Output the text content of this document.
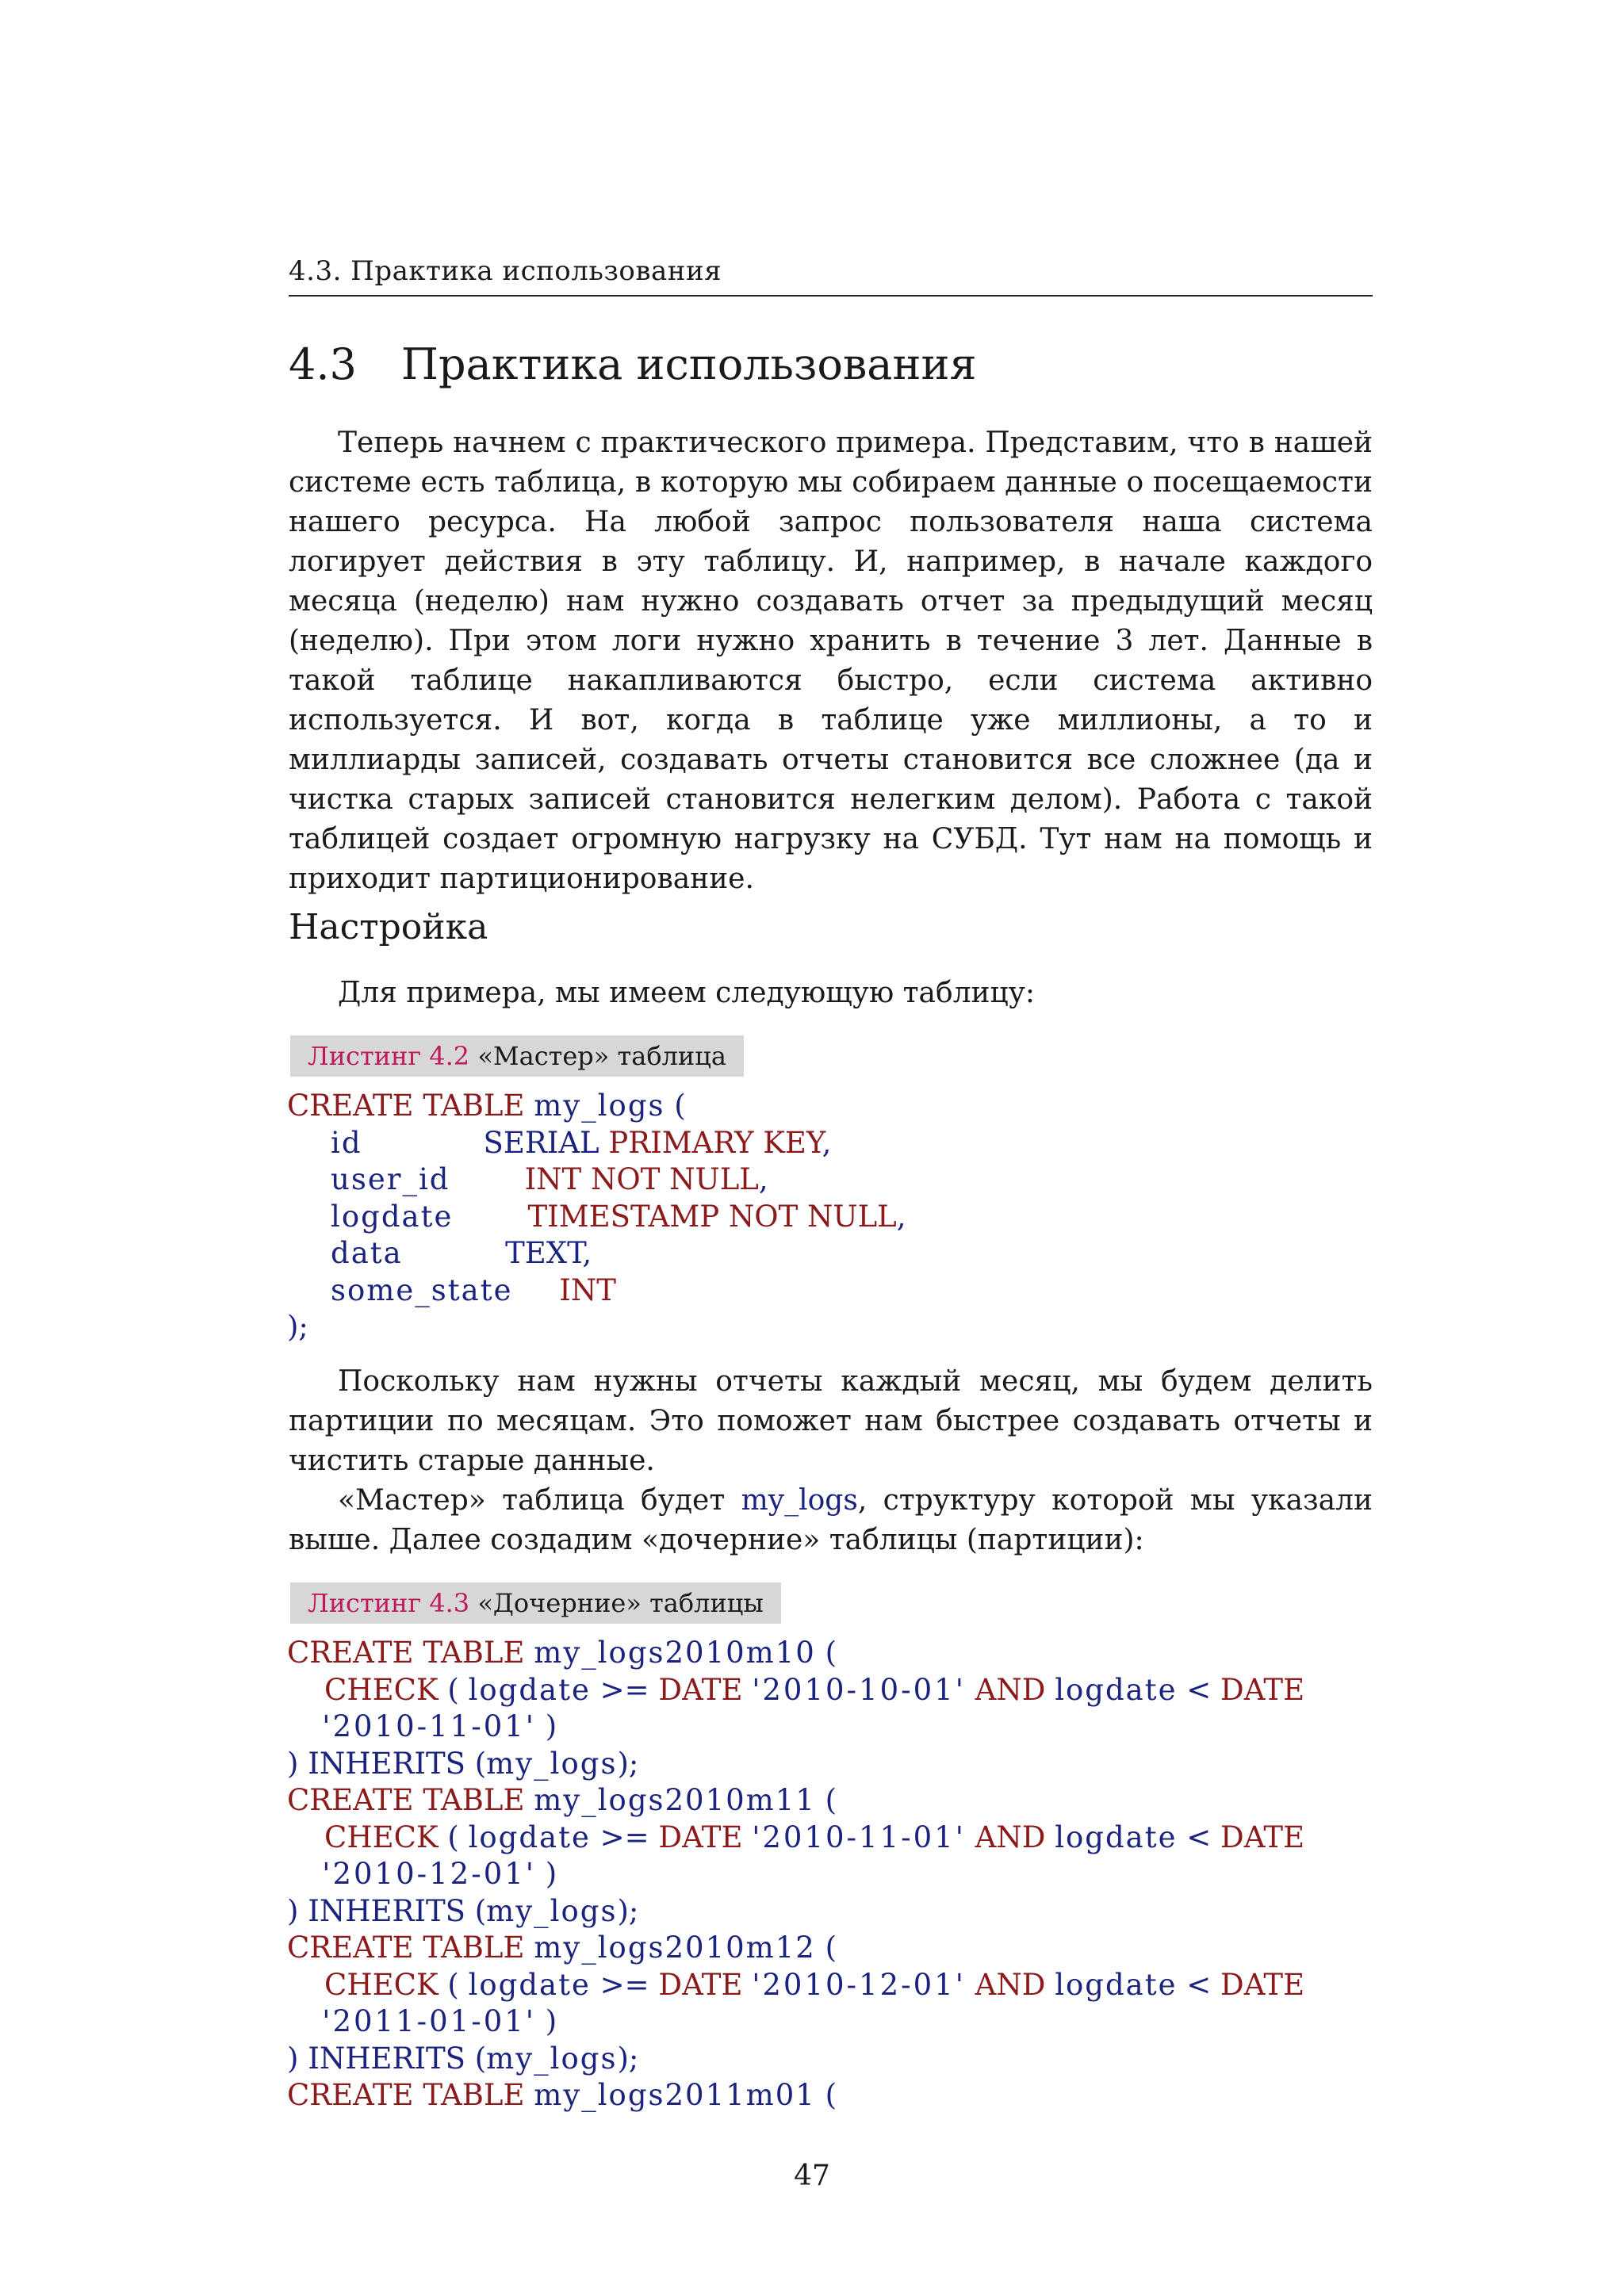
4.3. Практика использования
4.3 Практика использования

Теперь начнем с практического примера. Представим, что в нашей системе есть таблица, в которую мы собираем данные о посещаемости нашего ресурса. На любой запрос пользователя наша система логирует действия в эту таблицу. И, например, в начале каждого месяца (неделю) нам нужно создавать отчет за предыдущий месяц (неделю). При этом логи нужно хранить в течение 3 лет. Данные в такой таблице накапливаются быстро, если система активно используется. И вот, когда в таблице уже миллионы, а то и миллиарды записей, создавать отчеты становится все сложнее (да и чистка старых записей становится нелегким делом). Работа с такой таблицей создает огромную нагрузку на СУБД. Тут нам на помощь и приходит партиционирование.

Настройка

Для примера, мы имеем следующую таблицу:

Листинг 4.2 «Мастер» таблица
CREATE TABLE my_logs (
id	SERIAL PRIMARY KEY,
user_id	INT NOT NULL,
logdate	TIMESTAMP NOT NULL,
data	TEXT,
some_state INT
);

Поскольку нам нужны отчеты каждый месяц, мы будем делить партиции по месяцам. Это поможет нам быстрее создавать отчеты и чистить старые данные.

«Мастер» таблица будет my_logs, структуру которой мы указали выше. Далее создадим «дочерние» таблицы (партиции):

Листинг 4.3 «Дочерние» таблицы
CREATE TABLE my_logs2010m10 (
CHECK ( logdate >= DATE '2010-10-01' AND logdate < DATE
'2010-11-01' )
) INHERITS (my_logs);
CREATE TABLE my_logs2010m11 (
CHECK ( logdate >= DATE '2010-11-01' AND logdate < DATE
'2010-12-01' )
) INHERITS (my_logs);
CREATE TABLE my_logs2010m12 (
CHECK ( logdate >= DATE '2010-12-01' AND logdate < DATE
'2011-01-01' )
) INHERITS (my_logs);
CREATE TABLE my_logs2011m01 (
47
